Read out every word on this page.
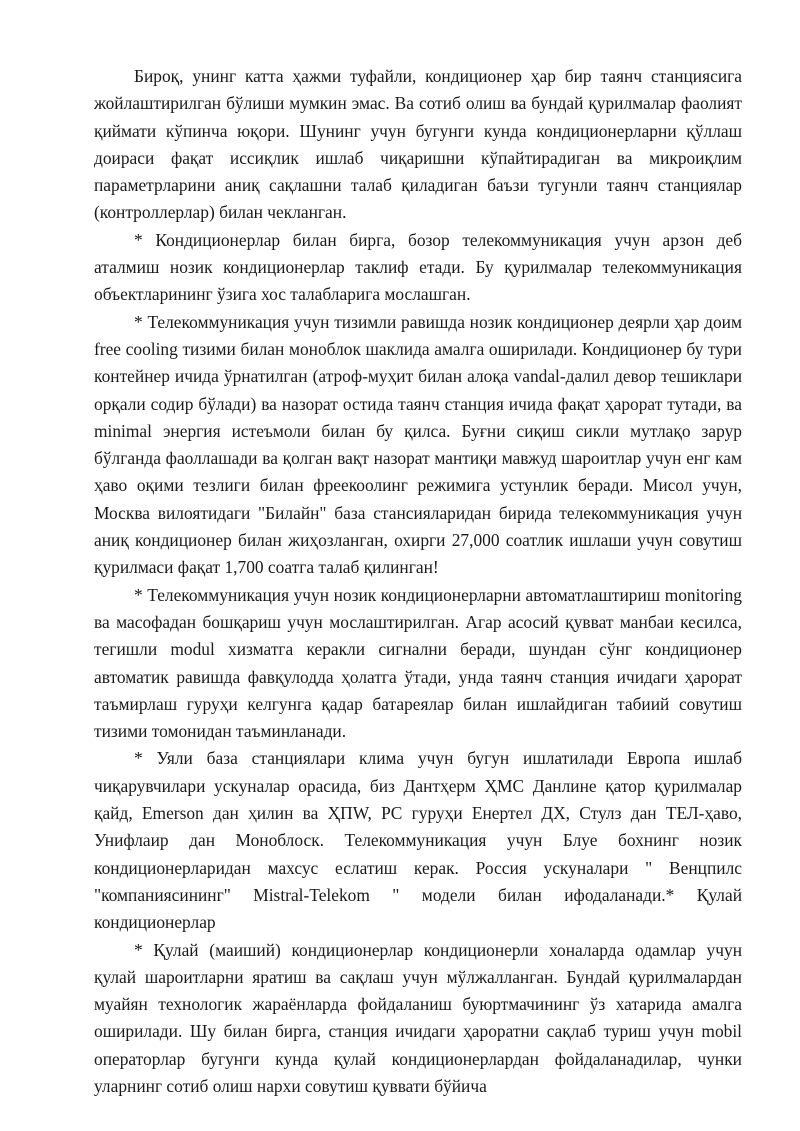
Бироқ, унинг катта ҳажми туфайли, кондиционер ҳар бир таянч станциясига жойлаштирилган бўлиши мумкин эмас. Ва сотиб олиш ва бундай қурилмалар фаолият қиймати кўпинча юқори. Шунинг учун бугунги кунда кондиционерларни қўллаш доираси фақат иссиқлик ишлаб чиқаришни кўпайтирадиган ва микроиқлим параметрларини аниқ сақлашни талаб қиладиган баъзи тугунли таянч станциялар (контроллерлар) билан чекланган.

* Кондиционерлар билан бирга, бозор телекоммуникация учун арзон деб аталмиш нозик кондиционерлар таклиф етади. Бу қурилмалар телекоммуникация объектларининг ўзига хос талабларига мослашган.

* Телекоммуникация учун тизимли равишда нозик кондиционер деярли ҳар доим free cooling тизими билан моноблок шаклида амалга оширилади. Кондиционер бу тури контейнер ичида ўрнатилган (атроф-муҳит билан алоқа vandal-далил девор тешиклари орқали содир бўлади) ва назорат остида таянч станция ичида фақат ҳарорат тутади, ва minimal энергия истеъмоли билан бу қилса. Буғни сиқиш сикли мутлақо зарур бўлганда фаоллашади ва қолган вақт назорат мантиқи мавжуд шароитлар учун енг кам ҳаво оқими тезлиги билан фреекоолинг режимига устунлик беради. Мисол учун, Москва вилоятидаги "Билайн" база стансияларидан бирида телекоммуникация учун аниқ кондиционер билан жиҳозланган, охирги 27,000 соатлик ишлаши учун совутиш қурилмаси фақат 1,700 соатга талаб қилинган!

* Телекоммуникация учун нозик кондиционерларни автоматлаштириш monitoring ва масофадан бошқариш учун мослаштирилган. Агар асосий қувват манбаи кесилса, тегишли modul хизматга керакли сигнални беради, шундан сўнг кондиционер автоматик равишда фавқулодда ҳолатга ўтади, унда таянч станция ичидаги ҳарорат таъмирлаш гуруҳи келгунга қадар батареялар билан ишлайдиган табиий совутиш тизими томонидан таъминланади.

* Уяли база станциялари клима учун бугун ишлатилади Европа ишлаб чиқарувчилари ускуналар орасида, биз Дантҳерм ҲМС Данлине қатор қурилмалар қайд, Emerson дан ҳилин ва ҲПW, PC гуруҳи Енертел ДХ, Стулз дан ТЕЛ-ҳаво, Унифлаир дан Моноблоск. Телекоммуникация учун Блуе бохнинг нозик кондиционерларидан махсус еслатиш керак. Россия ускуналари " Венцпилс "компаниясининг" Mistral-Telekom " модели билан ифодаланади.* Қулай кондиционерлар

* Қулай (маиший) кондиционерлар кондиционерли хоналарда одамлар учун қулай шароитларни яратиш ва сақлаш учун мўлжалланган. Бундай қурилмалардан муайян технологик жараёнларда фойдаланиш буюртмачининг ўз хатарида амалга оширилади. Шу билан бирга, станция ичидаги ҳароратни сақлаб туриш учун mobil операторлар бугунги кунда қулай кондиционерлардан фойдаланадилар, чунки уларнинг сотиб олиш нархи совутиш қуввати бўйича
